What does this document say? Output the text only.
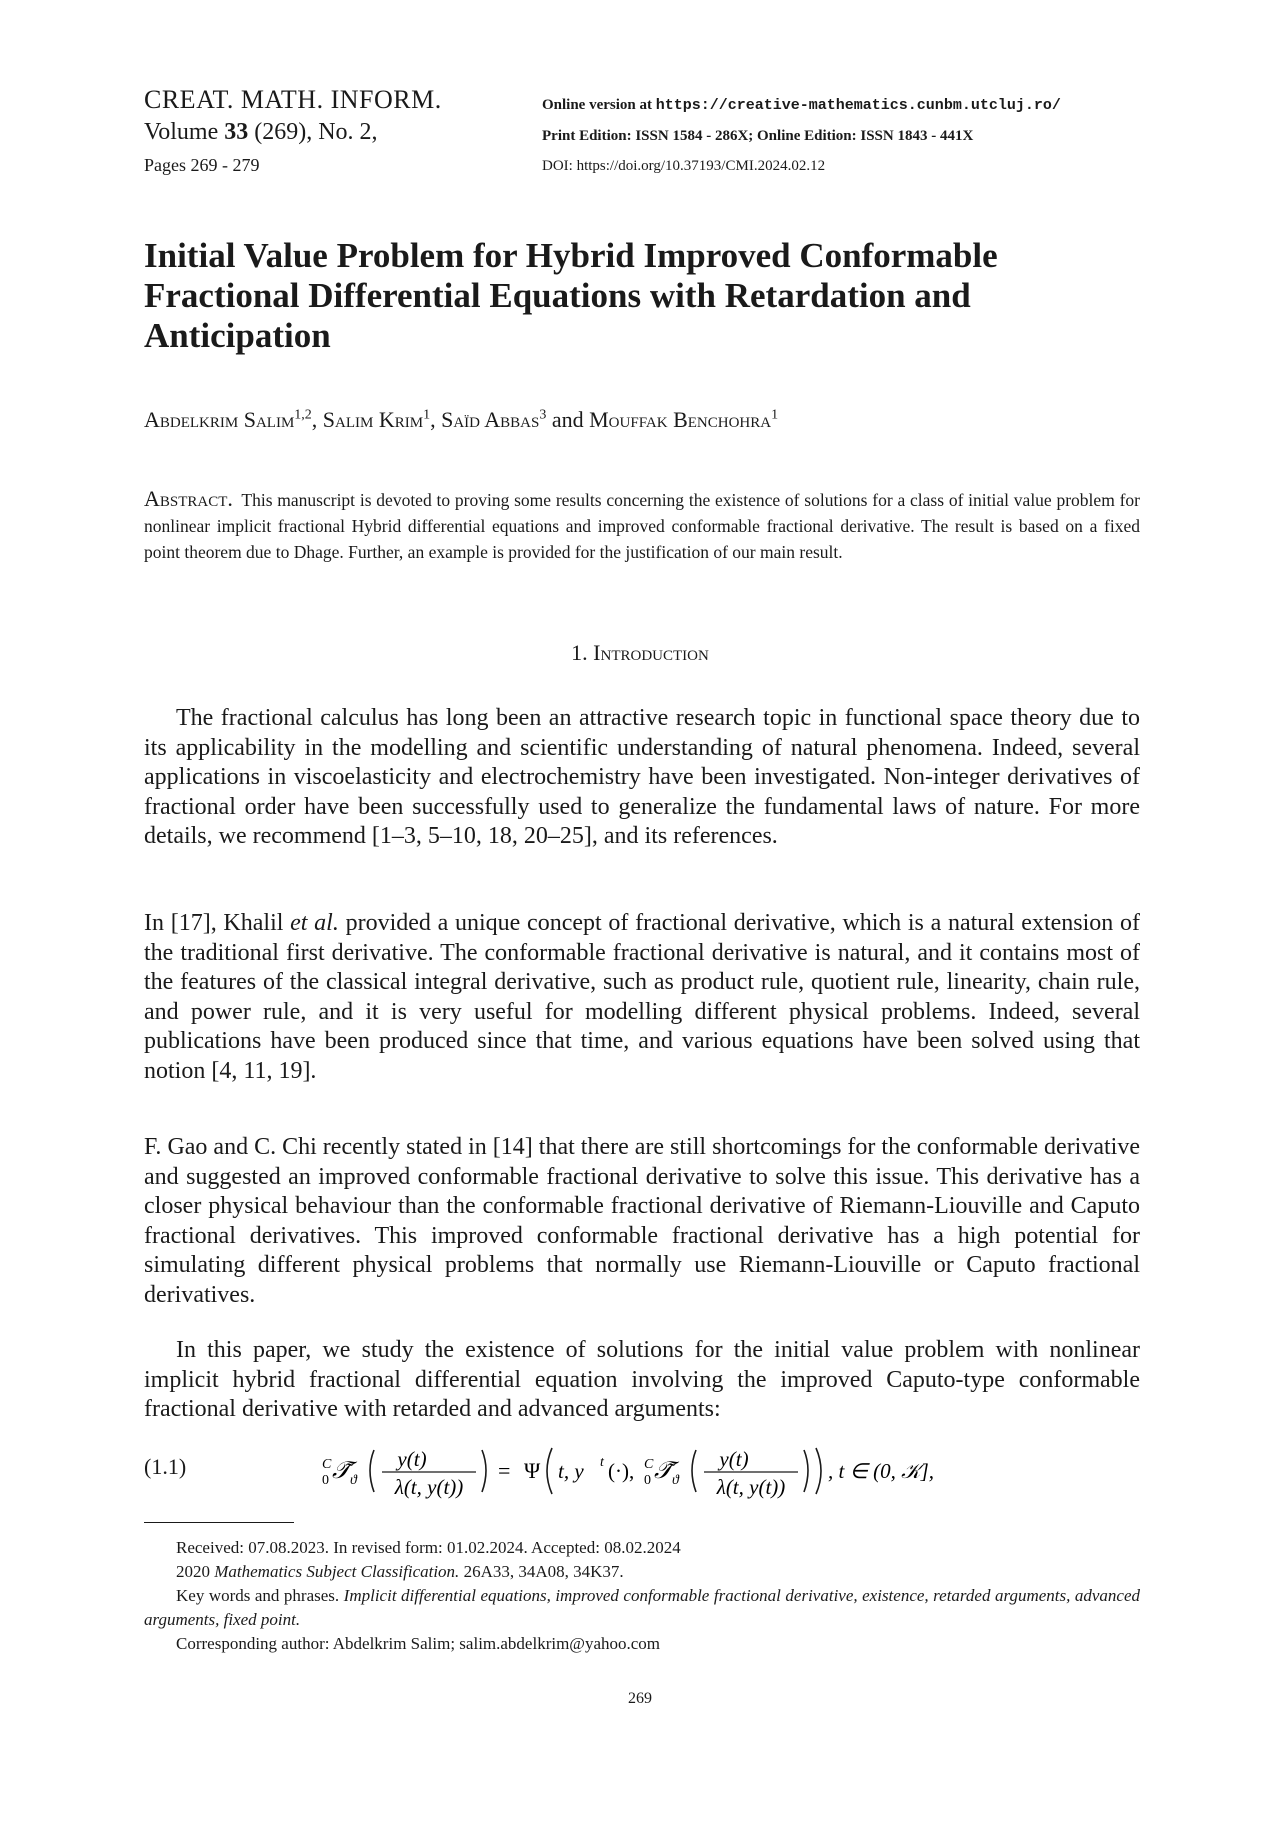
CREAT. MATH. INFORM.
Volume 33 (269), No. 2,
Pages 269 - 279
Online version at https://creative-mathematics.cunbm.utcluj.ro/
Print Edition: ISSN 1584 - 286X; Online Edition: ISSN 1843 - 441X
DOI: https://doi.org/10.37193/CMI.2024.02.12
Initial Value Problem for Hybrid Improved Conformable
Fractional Differential Equations with Retardation and
Anticipation
Abdelkrim Salim$^{1,2}$, Salim Krim$^1$, Saïd Abbas$^3$ and Mouffak Benchohra$^1$
Abstract. This manuscript is devoted to proving some results concerning the existence of solutions for a class of initial value problem for nonlinear implicit fractional Hybrid differential equations and improved conformable fractional derivative. The result is based on a fixed point theorem due to Dhage. Further, an example is provided for the justification of our main result.
1. Introduction
The fractional calculus has long been an attractive research topic in functional space theory due to its applicability in the modelling and scientific understanding of natural phenomena. Indeed, several applications in viscoelasticity and electrochemistry have been investigated. Non-integer derivatives of fractional order have been successfully used to generalize the fundamental laws of nature. For more details, we recommend [1–3, 5–10, 18, 20–25], and its references.
In [17], Khalil et al. provided a unique concept of fractional derivative, which is a natural extension of the traditional first derivative. The conformable fractional derivative is natural, and it contains most of the features of the classical integral derivative, such as product rule, quotient rule, linearity, chain rule, and power rule, and it is very useful for modelling different physical problems. Indeed, several publications have been produced since that time, and various equations have been solved using that notion [4, 11, 19].
F. Gao and C. Chi recently stated in [14] that there are still shortcomings for the conformable derivative and suggested an improved conformable fractional derivative to solve this issue. This derivative has a closer physical behaviour than the conformable fractional derivative of Riemann-Liouville and Caputo fractional derivatives. This improved conformable fractional derivative has a high potential for simulating different physical problems that normally use Riemann-Liouville or Caputo fractional derivatives.
In this paper, we study the existence of solutions for the initial value problem with nonlinear implicit hybrid fractional differential equation involving the improved Caputo-type conformable fractional derivative with retarded and advanced arguments:
(1.1)	C
0 𝒯̃ ϑ
y(t)
λ(t, y(t))
= Ψ t, y t (·), C
0 𝒯̃ ϑ
y(t)
λ(t, y(t))
, t ∈ (0, 𝒦],
Received: 07.08.2023. In revised form: 01.02.2024. Accepted: 08.02.2024
2020 Mathematics Subject Classification. 26A33, 34A08, 34K37.
Key words and phrases. Implicit differential equations, improved conformable fractional derivative, existence, retarded arguments, advanced arguments, fixed point.
Corresponding author: Abdelkrim Salim; salim.abdelkrim@yahoo.com
269
